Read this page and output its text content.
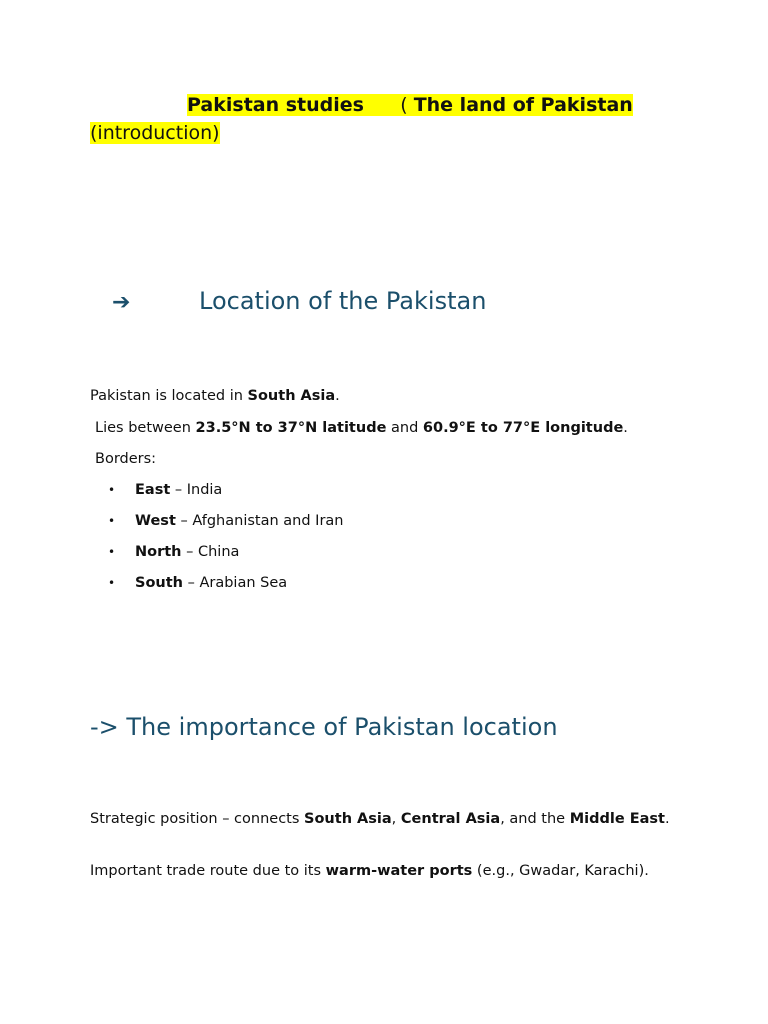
Pakistan studies ( The land of Pakistan
(introduction)
➔	Location of the Pakistan
Pakistan is located in South Asia.
Lies between 23.5°N to 37°N latitude and 60.9°E to 77°E longitude.
Borders:
• East – India
• West – Afghanistan and Iran
• North – China
• South – Arabian Sea
-> The importance of Pakistan location
Strategic position – connects South Asia, Central Asia, and the Middle East.
Important trade route due to its warm-water ports (e.g., Gwadar, Karachi).
